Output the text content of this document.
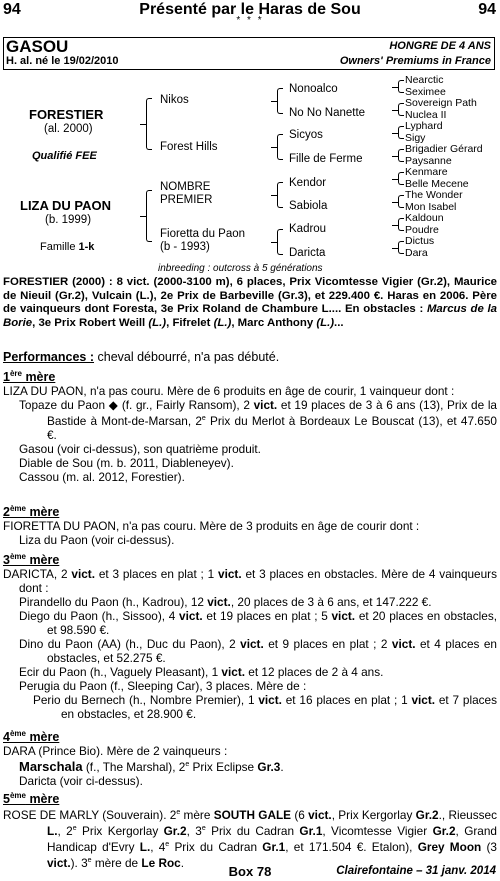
94	Présenté par le Haras de Sou	94
* * *
GASOU	HONGRE DE 4 ANS
H. al. né le 19/02/2010	Owners' Premiums in France
FORESTIER
(al. 2000)
Qualifié FEE
LIZA DU PAON
(b. 1999)
Famille 1-k
Nikos
Forest Hills
NOMBRE
PREMIER
Fioretta du Paon
(b - 1993)
Nonoalco
No No Nanette
Sicyos
Fille de Ferme
Kendor
Sabiola
Kadrou
Daricta
Nearctic
Seximee
Sovereign Path
Nuclea II
Lyphard
Sigy
Brigadier Gérard
Paysanne
Kenmare
Belle Mecene
The Wonder
Mon Isabel
Kaldoun
Poudre
Dictus
Dara
inbreeding : outcross à 5 générations
FORESTIER (2000) : 8 vict. (2000-3100 m), 6 places, Prix Vicomtesse Vigier (Gr.2), Maurice de Nieuil (Gr.2), Vulcain (L.), 2e Prix de Barbeville (Gr.3), et 229.400 €. Haras en 2006. Père de vainqueurs dont Foresta, 3e Prix Roland de Chambure L.... En obstacles : Marcus de la Borie, 3e Prix Robert Weill (L.), Fifrelet (L.), Marc Anthony (L.)...
Performances : cheval débourré, n'a pas débuté.

1ère mère

LIZA DU PAON, n'a pas couru. Mère de 6 produits en âge de courir, 1 vainqueur dont :

Topaze du Paon ◆ (f. gr., Fairly Ransom), 2 vict. et 19 places de 3 à 6 ans (13), Prix de la Bastide à Mont-de-Marsan, 2e Prix du Merlot à Bordeaux Le Bouscat (13), et 47.650 €.

Gasou (voir ci-dessus), son quatrième produit.

Diable de Sou (m. b. 2011, Diableneyev).

Cassou (m. al. 2012, Forestier).

2ème mère

FIORETTA DU PAON, n'a pas couru. Mère de 3 produits en âge de courir dont :

Liza du Paon (voir ci-dessus).

3ème mère

DARICTA, 2 vict. et 3 places en plat ; 1 vict. et 3 places en obstacles. Mère de 4 vainqueurs dont :

Pirandello du Paon (h., Kadrou), 12 vict., 20 places de 3 à 6 ans, et 147.222 €.

Diego du Paon (h., Sissoo), 4 vict. et 19 places en plat ; 5 vict. et 20 places en obstacles, et 98.590 €.

Dino du Paon (AA) (h., Duc du Paon), 2 vict. et 9 places en plat ; 2 vict. et 4 places en obstacles, et 52.275 €.

Ecir du Paon (h., Vaguely Pleasant), 1 vict. et 12 places de 2 à 4 ans.

Perugia du Paon (f., Sleeping Car), 3 places. Mère de :

Perio du Bernech (h., Nombre Premier), 1 vict. et 16 places en plat ; 1 vict. et 7 places en obstacles, et 28.900 €.

4ème mère

DARA (Prince Bio). Mère de 2 vainqueurs :

Marschala (f., The Marshal), 2e Prix Eclipse Gr.3.

Daricta (voir ci-dessus).

5ème mère

ROSE DE MARLY (Souverain). 2e mère SOUTH GALE (6 vict., Prix Kergorlay Gr.2., Rieussec L., 2e Prix Kergorlay Gr.2, 3e Prix du Cadran Gr.1, Vicomtesse Vigier Gr.2, Grand Handicap d'Evry L., 4e Prix du Cadran Gr.1, et 171.504 €. Etalon), Grey Moon (3 vict.). 3e mère de Le Roc.

Box 78	Clairefontaine – 31 janv. 2014
